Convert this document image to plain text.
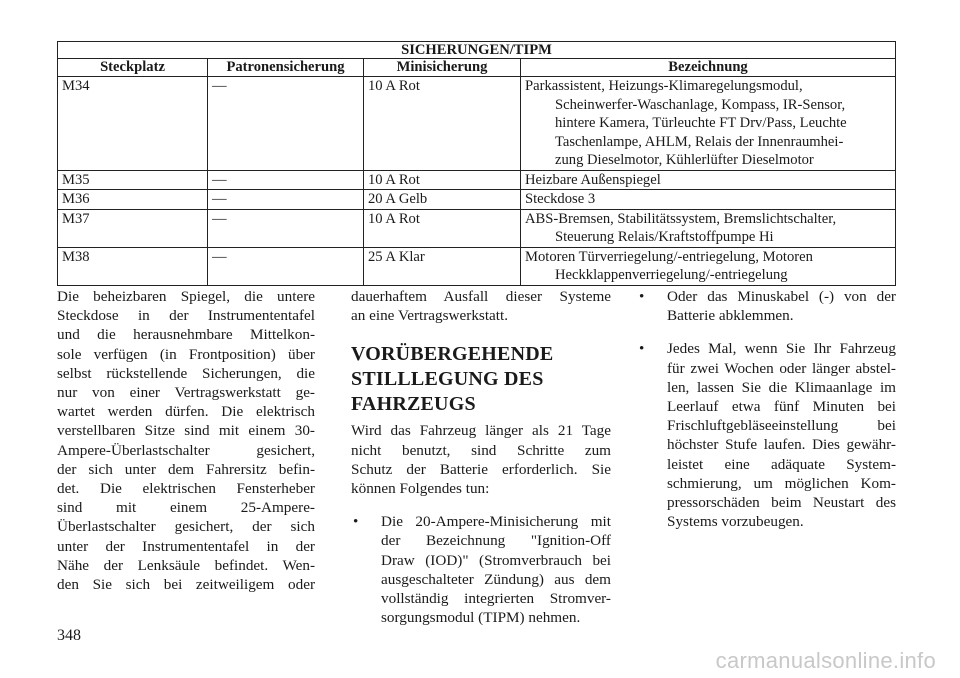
SICHERUNGEN/TIPM			
Steckplatz	Patronensicherung	Minisicherung	Bezeichnung
M34	—	10 A Rot	Parkassistent, Heizungs-Klimaregelungsmodul,
Scheinwerfer-Waschanlage, Kompass, IR-Sensor,
hintere Kamera, Türleuchte FT Drv/Pass, Leuchte
Taschenlampe, AHLM, Relais der Innenraumhei-
zung Dieselmotor, Kühlerlüfter Dieselmotor

M35	—	10 A Rot	Heizbare Außenspiegel

M36	—	20 A Gelb	Steckdose 3

M37	—	10 A Rot	ABS-Bremsen, Stabilitätssystem, Bremslichtschalter,
Steuerung Relais/Kraftstoffpumpe Hi

M38	—	25 A Klar	Motoren Türverriegelung/-entriegelung, Motoren
Heckklappenverriegelung/-entriegelung
Die beheizbaren Spiegel, die untere
Steckdose in der Instrumententafel
und die herausnehmbare Mittelkon-
sole verfügen (in Frontposition) über
selbst rückstellende Sicherungen, die
nur von einer Vertragswerkstatt ge-
wartet werden dürfen. Die elektrisch
verstellbaren Sitze sind mit einem 30-
Ampere-Überlastschalter gesichert,
der sich unter dem Fahrersitz befin-
det. Die elektrischen Fensterheber
sind mit einem 25-Ampere-
Überlastschalter gesichert, der sich
unter der Instrumententafel in der
Nähe der Lenksäule befindet. Wen-
den Sie sich bei zeitweiligem oder
dauerhaftem Ausfall dieser Systeme
an eine Vertragswerkstatt.
VORÜBERGEHENDE
STILLLEGUNG DES
FAHRZEUGS
Wird das Fahrzeug länger als 21 Tage
nicht benutzt, sind Schritte zum
Schutz der Batterie erforderlich. Sie
können Folgendes tun:
•	Die 20-Ampere-Minisicherung mit
der Bezeichnung "Ignition-Off
Draw (IOD)" (Stromverbrauch bei
ausgeschalteter Zündung) aus dem
vollständig integrierten Stromver-
sorgungsmodul (TIPM) nehmen.
•	Oder das Minuskabel (-) von der
Batterie abklemmen.
•	Jedes Mal, wenn Sie Ihr Fahrzeug
für zwei Wochen oder länger abstel-
len, lassen Sie die Klimaanlage im
Leerlauf etwa fünf Minuten bei
Frischluftgebläseeinstellung bei
höchster Stufe laufen. Dies gewähr-
leistet eine adäquate System-
schmierung, um möglichen Kom-
pressorschäden beim Neustart des
Systems vorzubeugen.
348
carmanualsonline.info
